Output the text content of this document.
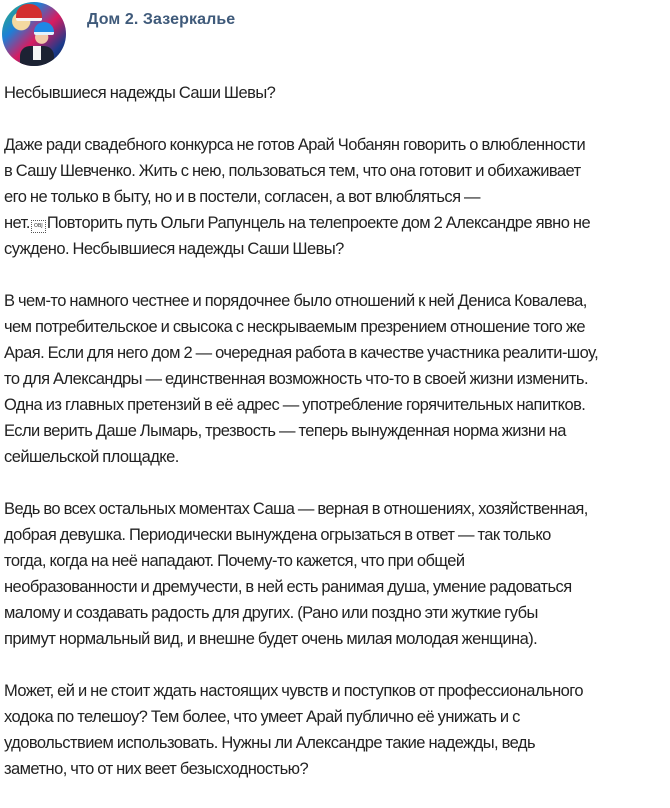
Дом 2. Зазеркалье

Несбывшиеся надежды Саши Шевы?

Даже ради свадебного конкурса не готов Арай Чобанян говорить о влюбленности
в Сашу Шевченко. Жить с нею, пользоваться тем, что она готовит и обихаживает
его не только в быту, но и в постели, согласен, а вот влюбляться —
нет. OBJ Повторить путь Ольги Рапунцель на телепроекте дом 2 Александре явно не
суждено. Несбывшиеся надежды Саши Шевы?

В чем-то намного честнее и порядочнее было отношений к ней Дениса Ковалева,
чем потребительское и свысока с нескрываемым презрением отношение того же
Арая. Если для него дом 2 — очередная работа в качестве участника реалити-шоу,
то для Александры — единственная возможность что-то в своей жизни изменить.
Одна из главных претензий в её адрес — употребление горячительных напитков.
Если верить Даше Лымарь, трезвость — теперь вынужденная норма жизни на
сейшельской площадке.

Ведь во всех остальных моментах Саша — верная в отношениях, хозяйственная,
добрая девушка. Периодически вынуждена огрызаться в ответ — так только
тогда, когда на неё нападают. Почему-то кажется, что при общей
необразованности и дремучести, в ней есть ранимая душа, умение радоваться
малому и создавать радость для других. (Рано или поздно эти жуткие губы
примут нормальный вид, и внешне будет очень милая молодая женщина).

Может, ей и не стоит ждать настоящих чувств и поступков от профессионального
ходока по телешоу? Тем более, что умеет Арай публично её унижать и с
удовольствием использовать. Нужны ли Александре такие надежды, ведь
заметно, что от них веет безысходностью?
